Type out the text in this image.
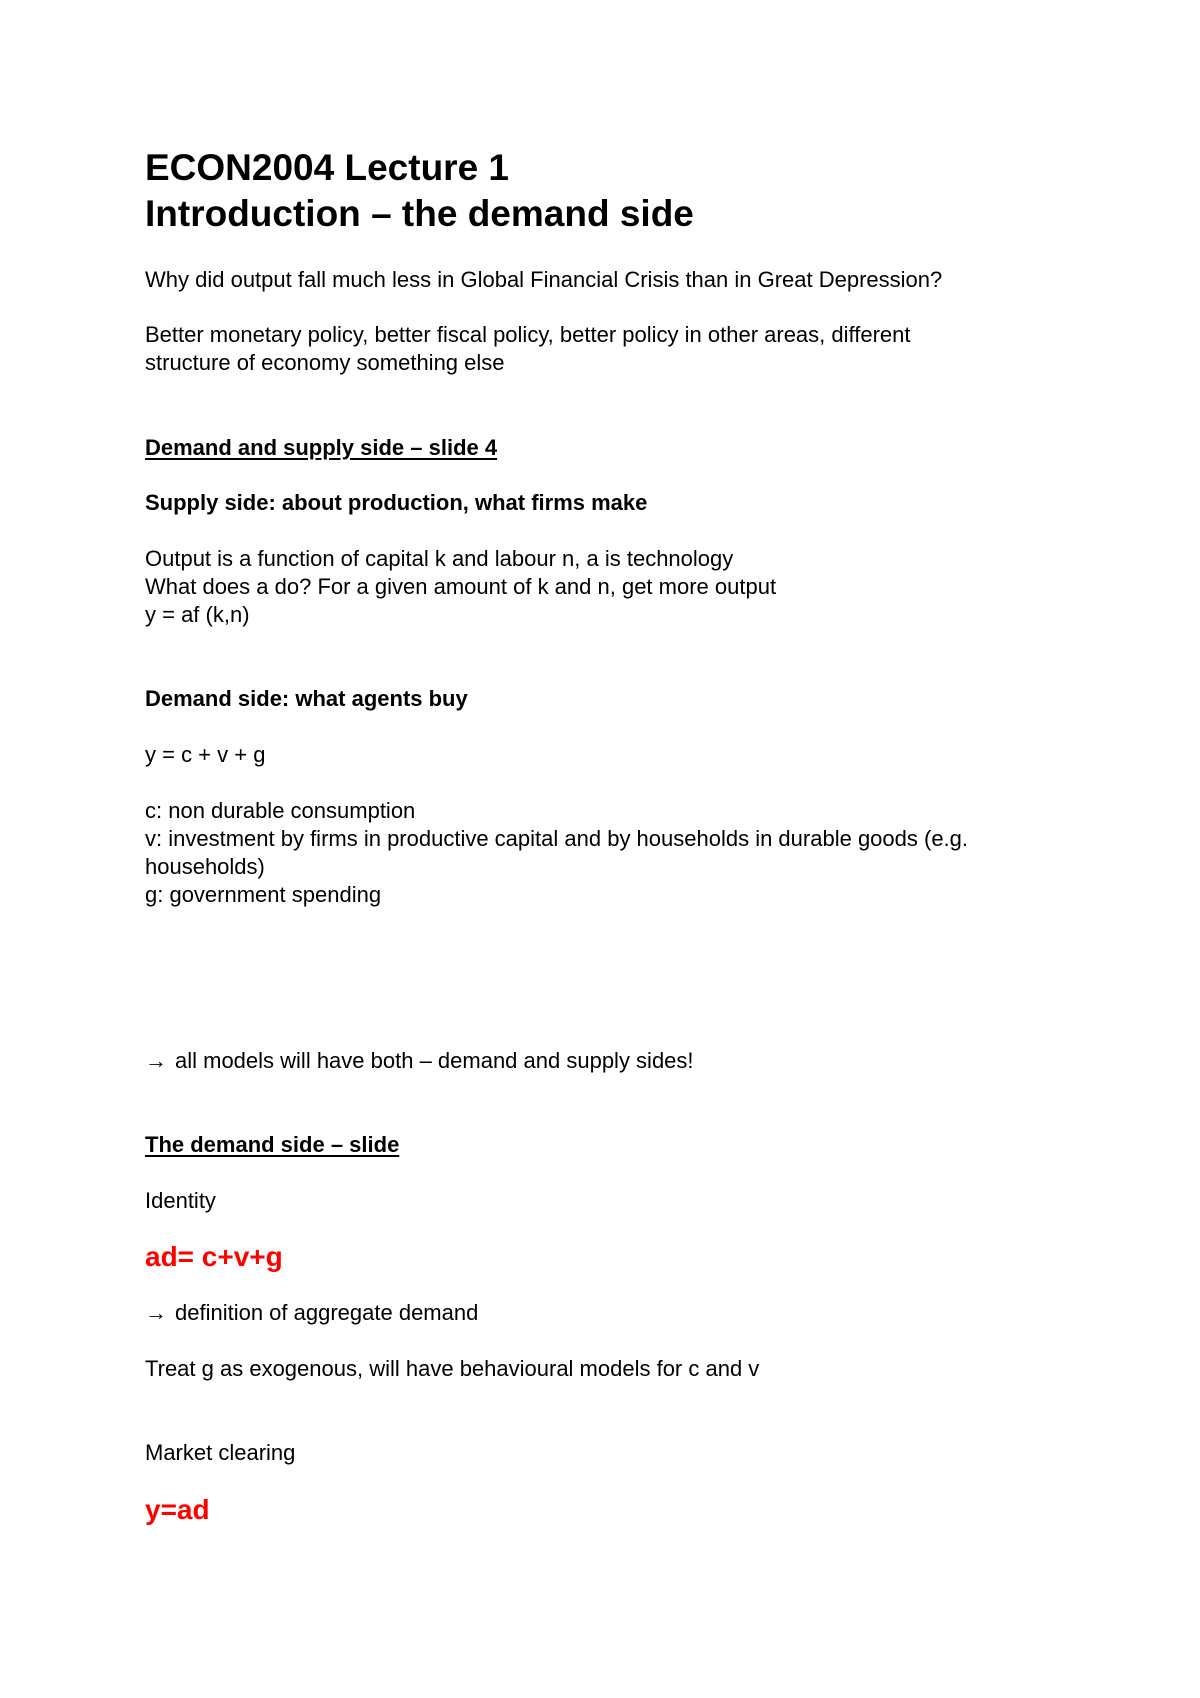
ECON2004 Lecture 1
Introduction – the demand side
Why did output fall much less in Global Financial Crisis than in Great Depression?
Better monetary policy, better fiscal policy, better policy in other areas, different
structure of economy something else
Demand and supply side – slide 4
Supply side: about production, what firms make
Output is a function of capital k and labour n, a is technology
What does a do? For a given amount of k and n, get more output
y = af (k,n)
Demand side: what agents buy
y = c + v + g
c: non durable consumption
v: investment by firms in productive capital and by households in durable goods (e.g.
households)
g: government spending
→ all models will have both – demand and supply sides!
The demand side – slide
Identity
ad= c+v+g
→ definition of aggregate demand
Treat g as exogenous, will have behavioural models for c and v
Market clearing
y=ad
